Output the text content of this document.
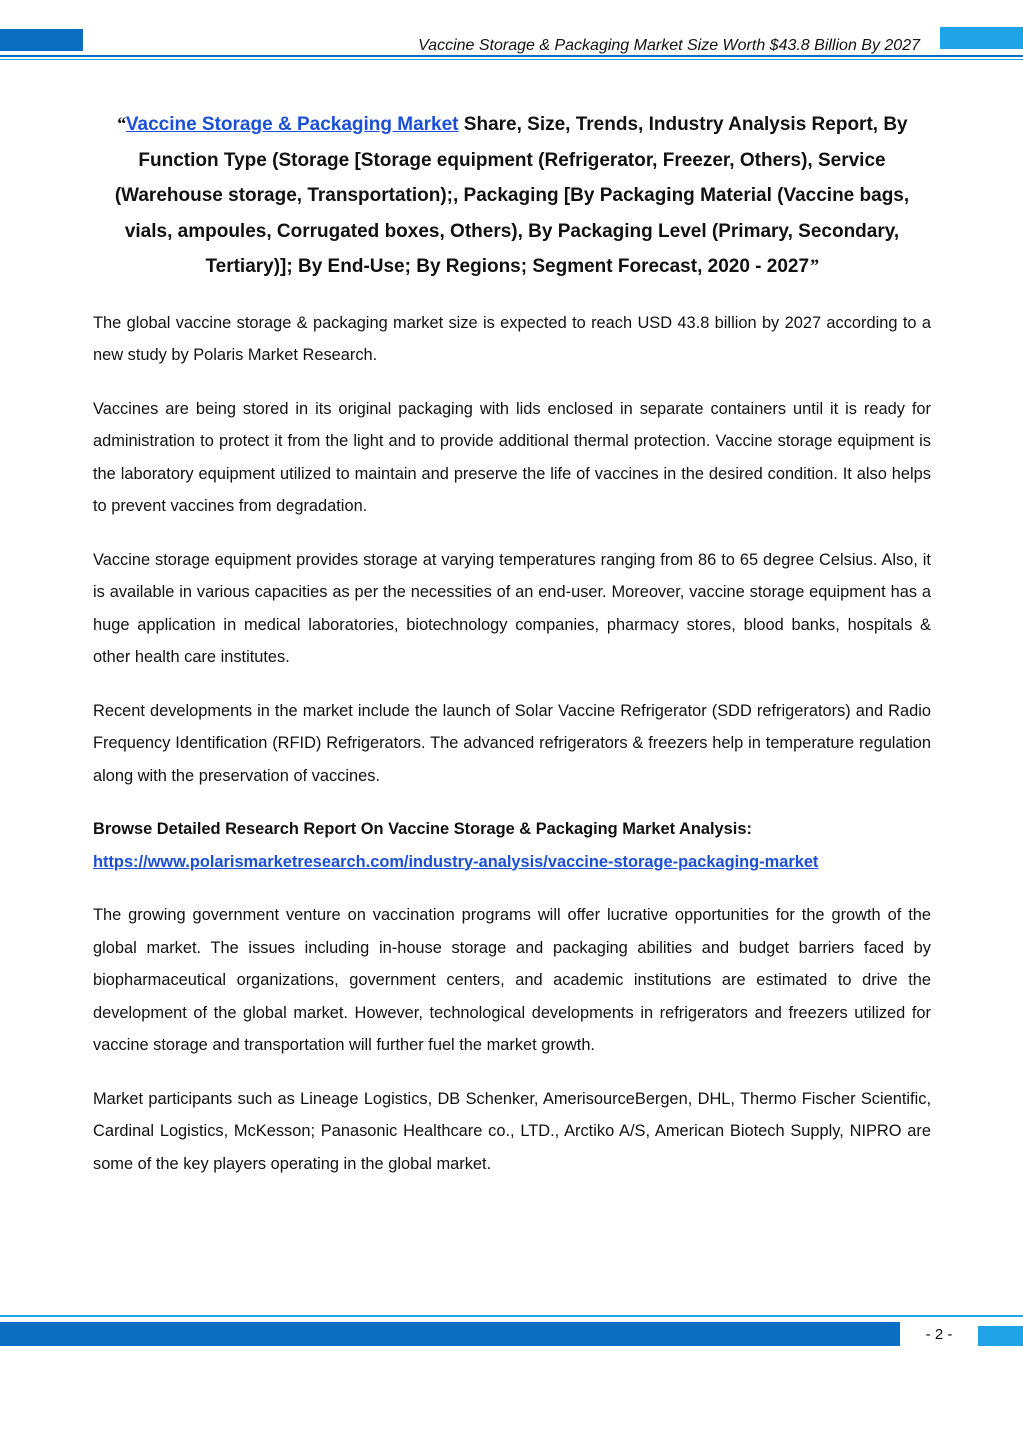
Vaccine Storage & Packaging Market Size Worth $43.8 Billion By 2027
“Vaccine Storage & Packaging Market Share, Size, Trends, Industry Analysis Report, By Function Type (Storage [Storage equipment (Refrigerator, Freezer, Others), Service (Warehouse storage, Transportation);, Packaging [By Packaging Material (Vaccine bags, vials, ampoules, Corrugated boxes, Others), By Packaging Level (Primary, Secondary, Tertiary)]; By End-Use; By Regions; Segment Forecast, 2020 - 2027”

The global vaccine storage & packaging market size is expected to reach USD 43.8 billion by 2027 according to a new study by Polaris Market Research.

Vaccines are being stored in its original packaging with lids enclosed in separate containers until it is ready for administration to protect it from the light and to provide additional thermal protection. Vaccine storage equipment is the laboratory equipment utilized to maintain and preserve the life of vaccines in the desired condition. It also helps to prevent vaccines from degradation.

Vaccine storage equipment provides storage at varying temperatures ranging from 86 to 65 degree Celsius. Also, it is available in various capacities as per the necessities of an end-user. Moreover, vaccine storage equipment has a huge application in medical laboratories, biotechnology companies, pharmacy stores, blood banks, hospitals & other health care institutes.

Recent developments in the market include the launch of Solar Vaccine Refrigerator (SDD refrigerators) and Radio Frequency Identification (RFID) Refrigerators. The advanced refrigerators & freezers help in temperature regulation along with the preservation of vaccines.

Browse Detailed Research Report On Vaccine Storage & Packaging Market Analysis:
https://www.polarismarketresearch.com/industry-analysis/vaccine-storage-packaging-market

The growing government venture on vaccination programs will offer lucrative opportunities for the growth of the global market. The issues including in-house storage and packaging abilities and budget barriers faced by biopharmaceutical organizations, government centers, and academic institutions are estimated to drive the development of the global market. However, technological developments in refrigerators and freezers utilized for vaccine storage and transportation will further fuel the market growth.

Market participants such as Lineage Logistics, DB Schenker, AmerisourceBergen, DHL, Thermo Fischer Scientific, Cardinal Logistics, McKesson; Panasonic Healthcare co., LTD., Arctiko A/S, American Biotech Supply, NIPRO are some of the key players operating in the global market.

- 2 -
